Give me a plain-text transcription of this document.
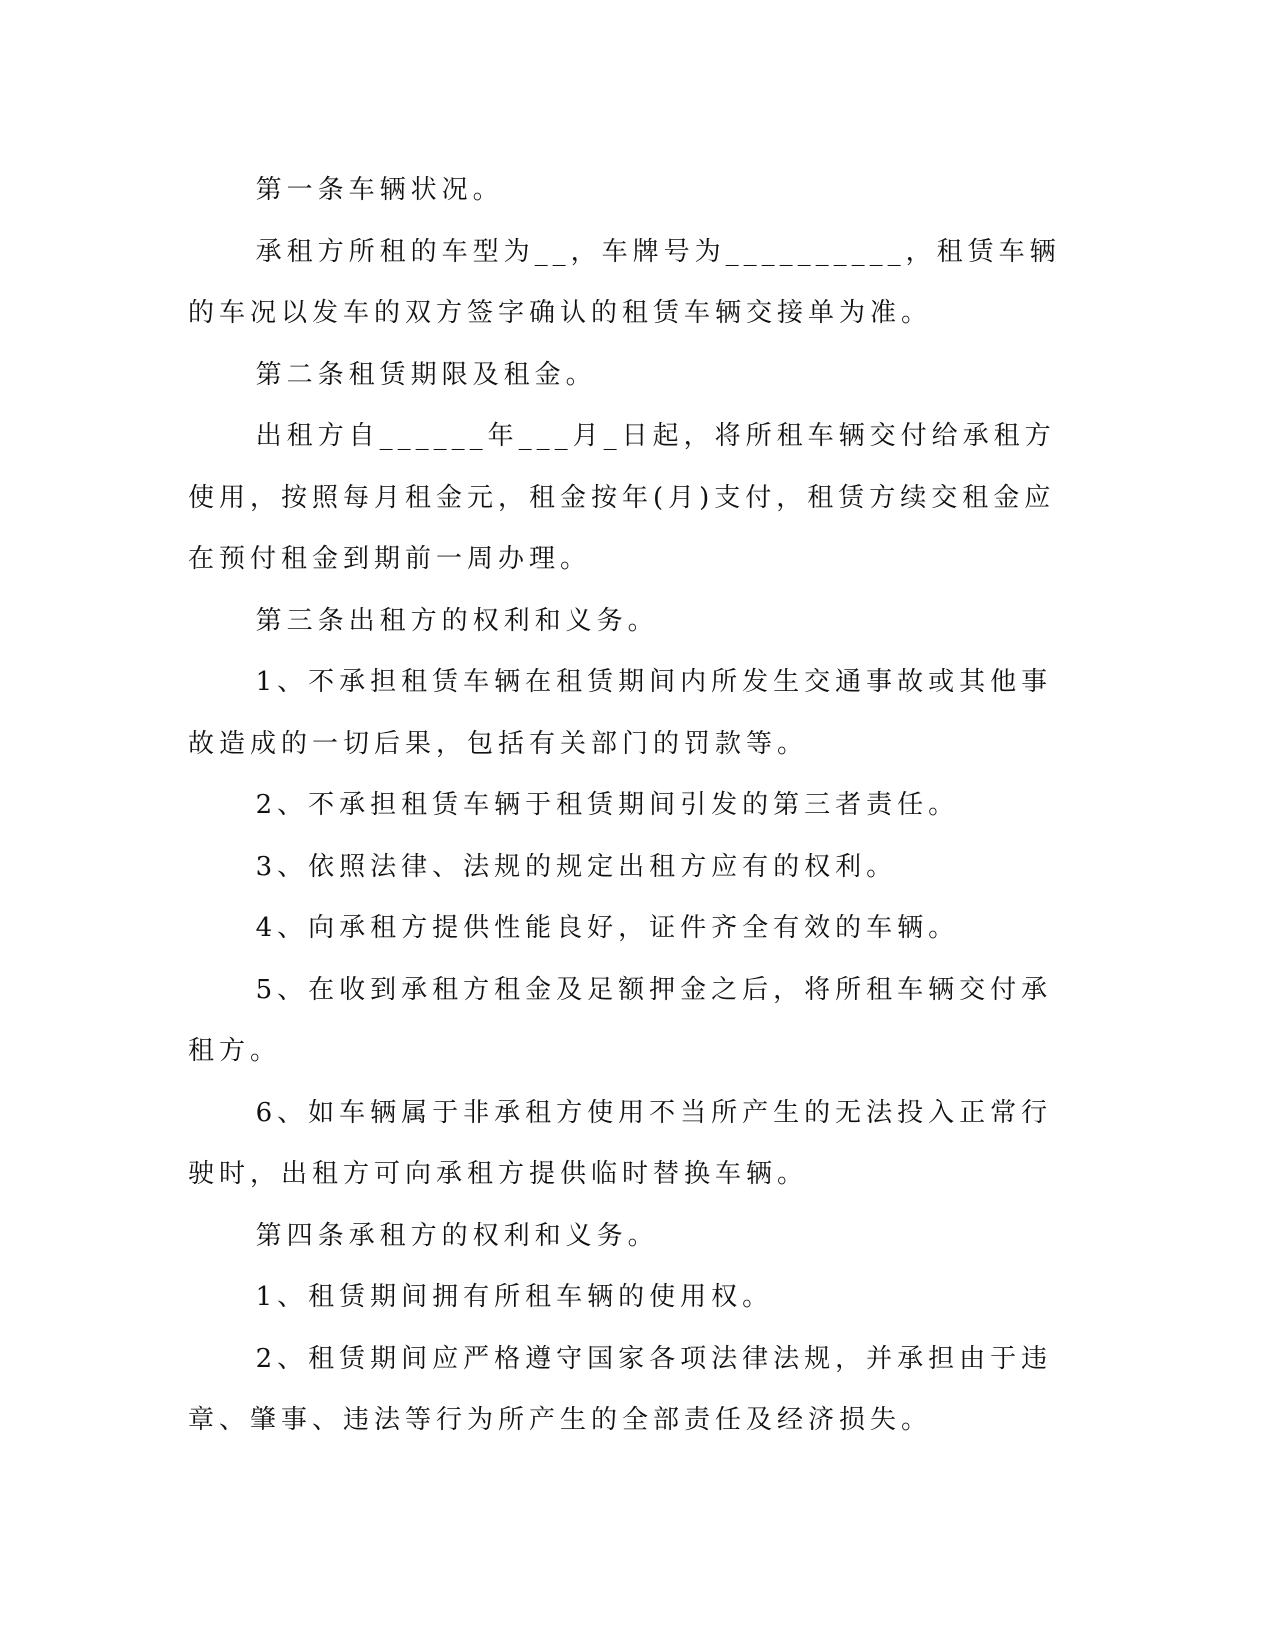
第一条车辆状况。

承租方所租的车型为__，车牌号为__________，租赁车辆的车况以发车的双方签字确认的租赁车辆交接单为准。

第二条租赁期限及租金。

出租方自______年___月_日起，将所租车辆交付给承租方使用，按照每月租金元，租金按年(月)支付，租赁方续交租金应在预付租金到期前一周办理。

第三条出租方的权利和义务。

1、不承担租赁车辆在租赁期间内所发生交通事故或其他事故造成的一切后果，包括有关部门的罚款等。

2、不承担租赁车辆于租赁期间引发的第三者责任。

3、依照法律、法规的规定出租方应有的权利。

4、向承租方提供性能良好，证件齐全有效的车辆。

5、在收到承租方租金及足额押金之后，将所租车辆交付承租方。

6、如车辆属于非承租方使用不当所产生的无法投入正常行驶时，出租方可向承租方提供临时替换车辆。

第四条承租方的权利和义务。

1、租赁期间拥有所租车辆的使用权。

2、租赁期间应严格遵守国家各项法律法规，并承担由于违章、肇事、违法等行为所产生的全部责任及经济损失。
